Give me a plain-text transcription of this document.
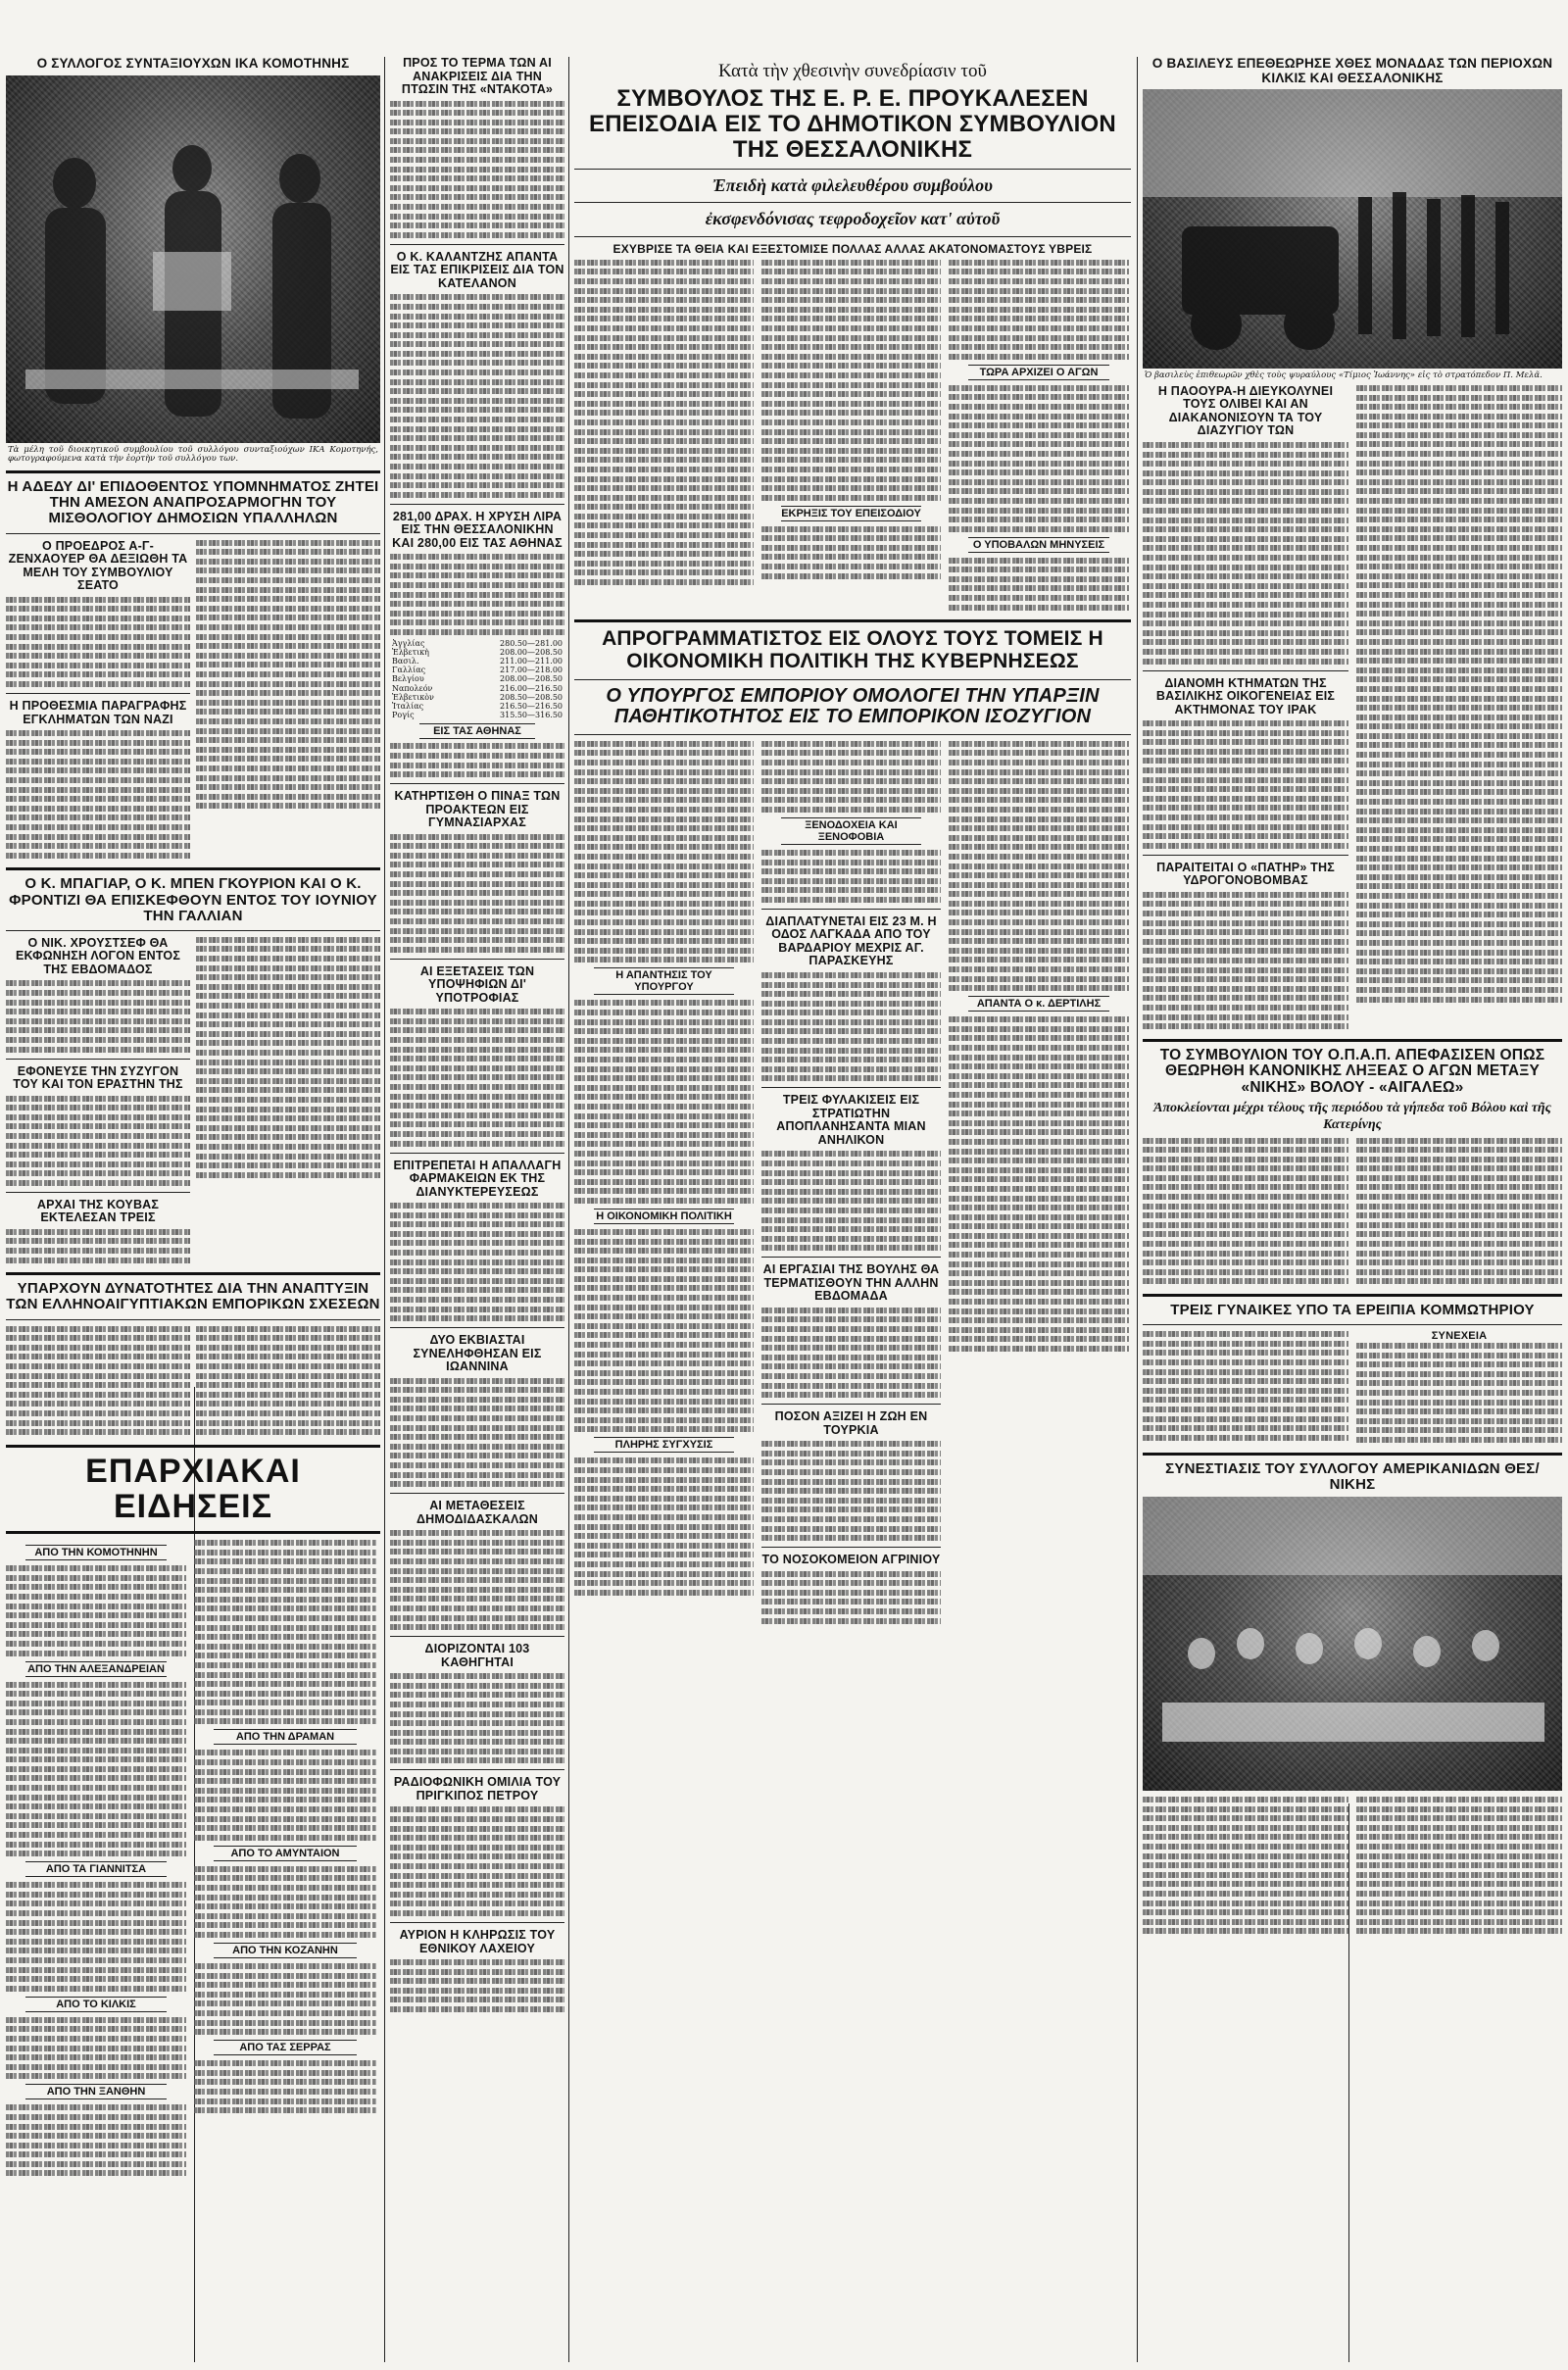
Ο ΣΥΛΛΟΓΟΣ ΣΥΝΤΑΞΙΟΥΧΩΝ ΙΚΑ ΚΟΜΟΤΗΝΗΣ
Τὰ μέλη τοῦ διοικητικοῦ συμβουλίου τοῦ συλλόγου συνταξιούχων ΙΚΑ Κομοτηνής, φωτογραφούμενα κατὰ τὴν ἑορτὴν τοῦ συλλόγου των.
Η ΑΔΕΔΥ ΔΙ' ΕΠΙΔΟΘΕΝΤΟΣ ΥΠΟΜΝΗΜΑΤΟΣ ΖΗΤΕΙ ΤΗΝ ΑΜΕΣΟΝ ΑΝΑΠΡΟΣΑΡΜΟΓΗΝ ΤΟΥ ΜΙΣΘΟΛΟΓΙΟΥ ΔΗΜΟΣΙΩΝ ΥΠΑΛΛΗΛΩΝ
Ο ΠΡΟΕΔΡΟΣ Α-Γ-ΖΕΝΧΑΟΥΕΡ ΘΑ ΔΕΞΙΩΘΗ ΤΑ ΜΕΛΗ ΤΟΥ ΣΥΜΒΟΥΛΙΟΥ ΣΕΑΤΟ
Η ΠΡΟΘΕΣΜΙΑ ΠΑΡΑΓΡΑΦΗΣ ΕΓΚΛΗΜΑΤΩΝ ΤΩΝ ΝΑΖΙ
Ο Κ. ΜΠΑΓΙΑΡ, Ο Κ. ΜΠΕΝ ΓΚΟΥΡΙΟΝ ΚΑΙ Ο Κ. ΦΡΟΝΤΙΖΙ ΘΑ ΕΠΙΣΚΕΦΘΟΥΝ ΕΝΤΟΣ ΤΟΥ ΙΟΥΝΙΟΥ ΤΗΝ ΓΑΛΛΙΑΝ
Ο ΝΙΚ. ΧΡΟΥΣΤΣΕΦ ΘΑ ΕΚΦΩΝΗΣΗ ΛΟΓΟΝ ΕΝΤΟΣ ΤΗΣ ΕΒΔΟΜΑΔΟΣ
ΕΦΟΝΕΥΣΕ ΤΗΝ ΣΥΖΥΓΟΝ ΤΟΥ ΚΑΙ ΤΟΝ ΕΡΑΣΤΗΝ ΤΗΣ
ΑΡΧΑΙ ΤΗΣ ΚΟΥΒΑΣ ΕΚΤΕΛΕΣΑΝ ΤΡΕΙΣ
ΥΠΑΡΧΟΥΝ ΔΥΝΑΤΟΤΗΤΕΣ ΔΙΑ ΤΗΝ ΑΝΑΠΤΥΞΙΝ ΤΩΝ ΕΛΛΗΝΟΑΙΓΥΠΤΙΑΚΩΝ ΕΜΠΟΡΙΚΩΝ ΣΧΕΣΕΩΝ
ΕΠΑΡΧΙΑΚΑΙ ΕΙΔΗΣΕΙΣ
ΑΠΟ ΤΗΝ ΚΟΜΟΤΗΝΗΝ
ΑΠΟ ΤΗΝ ΑΛΕΞΑΝΔΡΕΙΑΝ
ΑΠΟ ΤΑ ΓΙΑΝΝΙΤΣΑ
ΑΠΟ ΤΟ ΚΙΛΚΙΣ
ΑΠΟ ΤΗΝ ΞΑΝΘΗΝ
ΑΠΟ ΤΗΝ ΔΡΑΜΑΝ
ΑΠΟ ΤΟ ΑΜΥΝΤΑΙΟΝ
ΑΠΟ ΤΗΝ ΚΟΖΑΝΗΝ
ΑΠΟ ΤΑΣ ΣΕΡΡΑΣ
ΠΡΟΣ ΤΟ ΤΕΡΜΑ ΤΩΝ ΑΙ ΑΝΑΚΡΙΣΕΙΣ ΔΙΑ ΤΗΝ ΠΤΩΣΙΝ ΤΗΣ «ΝΤΑΚΟΤΑ»
Ο Κ. ΚΑΛΑΝΤΖΗΣ ΑΠΑΝΤΑ ΕΙΣ ΤΑΣ ΕΠΙΚΡΙΣΕΙΣ ΔΙΑ ΤΟΝ ΚΑΤΕΛΑΝΟΝ
281,00 ΔΡΑΧ. Η ΧΡΥΣΗ ΛΙΡΑ ΕΙΣ ΤΗΝ ΘΕΣΣΑΛΟΝΙΚΗΝ ΚΑΙ 280,00 ΕΙΣ ΤΑΣ ΑΘΗΝΑΣ
Ἀγγλίας	280.50—281.00
Ἑλβετικὴ	208.00—208.50
Βασιλ.	211.00—211.00
Γαλλίας	217.00—218.00
Βελγίου	208.00—208.50
Ναπολεόν	216.00—216.50
Ἐλβετικὸν	208.50—208.50
Ἰταλίας	216.50—216.50
Ρογίς	315.50—316.50
ΕΙΣ ΤΑΣ ΑΘΗΝΑΣ
ΚΑΤΗΡΤΙΣΘΗ Ο ΠΙΝΑΞ ΤΩΝ ΠΡΟΑΚΤΕΩΝ ΕΙΣ ΓΥΜΝΑΣΙΑΡΧΑΣ
ΑΙ ΕΞΕΤΑΣΕΙΣ ΤΩΝ ΥΠΟΨΗΦΙΩΝ ΔΙ' ΥΠΟΤΡΟΦΙΑΣ
ΕΠΙΤΡΕΠΕΤΑΙ Η ΑΠΑΛΛΑΓΗ ΦΑΡΜΑΚΕΙΩΝ ΕΚ ΤΗΣ ΔΙΑΝΥΚΤΕΡΕΥΣΕΩΣ
ΔΥΟ ΕΚΒΙΑΣΤΑΙ ΣΥΝΕΛΗΦΘΗΣΑΝ ΕΙΣ ΙΩΑΝΝΙΝΑ
ΑΙ ΜΕΤΑΘΕΣΕΙΣ ΔΗΜΟΔΙΔΑΣΚΑΛΩΝ
ΔΙΟΡΙΖΟΝΤΑΙ 103 ΚΑΘΗΓΗΤΑΙ
ΡΑΔΙΟΦΩΝΙΚΗ ΟΜΙΛΙΑ ΤΟΥ ΠΡΙΓΚΙΠΟΣ ΠΕΤΡΟΥ
ΑΥΡΙΟΝ Η ΚΛΗΡΩΣΙΣ ΤΟΥ ΕΘΝΙΚΟΥ ΛΑΧΕΙΟΥ
Κατὰ τὴν χθεσινὴν συνεδρίασιν τοῦ
ΣΥΜΒΟΥΛΟΣ ΤΗΣ Ε. Ρ. Ε. ΠΡΟΥΚΑΛΕΣΕΝ ΕΠΕΙΣΟΔΙΑ ΕΙΣ ΤΟ ΔΗΜΟΤΙΚΟΝ ΣΥΜΒΟΥΛΙΟΝ ΤΗΣ ΘΕΣΣΑΛΟΝΙΚΗΣ
Ἐπειδὴ κατὰ φιλελευθέρου συμβούλου
ἐκσφενδόνισας τεφροδοχεῖον κατ' αὐτοῦ
ΕΧΥΒΡΙΣΕ ΤΑ ΘΕΙΑ ΚΑΙ ΕΞΕΣΤΟΜΙΣΕ ΠΟΛΛΑΣ ΑΛΛΑΣ ΑΚΑΤΟΝΟΜΑΣΤΟΥΣ ΥΒΡΕΙΣ
ΕΚΡΗΞΙΣ ΤΟΥ ΕΠΕΙΣΟΔΙΟΥ
ΤΩΡΑ ΑΡΧΙΖΕΙ Ο ΑΓΩΝ
Ο ΥΠΟΒΑΛΩΝ ΜΗΝΥΣΕΙΣ
ΑΠΡΟΓΡΑΜΜΑΤΙΣΤΟΣ ΕΙΣ ΟΛΟΥΣ ΤΟΥΣ ΤΟΜΕΙΣ Η ΟΙΚΟΝΟΜΙΚΗ ΠΟΛΙΤΙΚΗ ΤΗΣ ΚΥΒΕΡΝΗΣΕΩΣ
Ο ΥΠΟΥΡΓΟΣ ΕΜΠΟΡΙΟΥ ΟΜΟΛΟΓΕΙ ΤΗΝ ΥΠΑΡΞΙΝ ΠΑΘΗΤΙΚΟΤΗΤΟΣ ΕΙΣ ΤΟ ΕΜΠΟΡΙΚΟΝ ΙΣΟΖΥΓΙΟΝ
Η ΑΠΑΝΤΗΣΙΣ ΤΟΥ ΥΠΟΥΡΓΟΥ
Η ΟΙΚΟΝΟΜΙΚΗ ΠΟΛΙΤΙΚΗ
ΠΛΗΡΗΣ ΣΥΓΧΥΣΙΣ
ΞΕΝΟΔΟΧΕΙΑ ΚΑΙ ΞΕΝΟΦΟΒΙΑ
ΔΙΑΠΛΑΤΥΝΕΤΑΙ ΕΙΣ 23 Μ. Η ΟΔΟΣ ΛΑΓΚΑΔΑ ΑΠΟ ΤΟΥ ΒΑΡΔΑΡΙΟΥ ΜΕΧΡΙΣ ΑΓ. ΠΑΡΑΣΚΕΥΗΣ
ΤΡΕΙΣ ΦΥΛΑΚΙΣΕΙΣ ΕΙΣ ΣΤΡΑΤΙΩΤΗΝ ΑΠΟΠΛΑΝΗΣΑΝΤΑ ΜΙΑΝ ΑΝΗΛΙΚΟΝ
ΑΙ ΕΡΓΑΣΙΑΙ ΤΗΣ ΒΟΥΛΗΣ ΘΑ ΤΕΡΜΑΤΙΣΘΟΥΝ ΤΗΝ ΑΛΛΗΝ ΕΒΔΟΜΑΔΑ
ΠΟΣΟΝ ΑΞΙΖΕΙ Η ΖΩΗ ΕΝ ΤΟΥΡΚΙΑ
ΤΟ ΝΟΣΟΚΟΜΕΙΟΝ ΑΓΡΙΝΙΟΥ
ΑΠΑΝΤΑ Ο κ. ΔΕΡΤΙΛΗΣ
Ο ΒΑΣΙΛΕΥΣ ΕΠΕΘΕΩΡΗΣΕ ΧΘΕΣ ΜΟΝΑΔΑΣ ΤΩΝ ΠΕΡΙΟΧΩΝ ΚΙΛΚΙΣ ΚΑΙ ΘΕΣΣΑΛΟΝΙΚΗΣ
Ὁ βασιλεὺς ἐπιθεωρῶν χθὲς τοὺς ψυραύλους «Τίμιος Ἰωάννης» εἰς τὸ στρατόπεδον Π. Μελᾶ.
Η ΠΑΟΟΥΡΑ-Η ΔΙΕΥΚΟΛΥΝΕΙ ΤΟΥΣ ΟΛΙΒΕΙ ΚΑΙ ΑΝ ΔΙΑΚΑΝΟΝΙΣΟΥΝ ΤΑ ΤΟΥ ΔΙΑΖΥΓΙΟΥ ΤΩΝ
ΔΙΑΝΟΜΗ ΚΤΗΜΑΤΩΝ ΤΗΣ ΒΑΣΙΛΙΚΗΣ ΟΙΚΟΓΕΝΕΙΑΣ ΕΙΣ ΑΚΤΗΜΟΝΑΣ ΤΟΥ ΙΡΑΚ
ΠΑΡΑΙΤΕΙΤΑΙ Ο «ΠΑΤΗΡ» ΤΗΣ ΥΔΡΟΓΟΝΟΒΟΜΒΑΣ
ΤΟ ΣΥΜΒΟΥΛΙΟΝ ΤΟΥ Ο.Π.Α.Π. ΑΠΕΦΑΣΙΣΕΝ ΟΠΩΣ ΘΕΩΡΗΘΗ ΚΑΝΟΝΙΚΗΣ ΛΗΞΕΑΣ Ο ΑΓΩΝ ΜΕΤΑΞΥ «ΝΙΚΗΣ» ΒΟΛΟΥ - «ΑΙΓΑΛΕΩ»
Ἀποκλείονται μέχρι τέλους τῆς περιόδου τὰ γήπεδα τοῦ Βόλου καὶ τῆς Κατερίνης
ΤΡΕΙΣ ΓΥΝΑΙΚΕΣ ΥΠΟ ΤΑ ΕΡΕΙΠΙΑ ΚΟΜΜΩΤΗΡΙΟΥ
ΣΥΝΕΧΕΙΑ
ΣΥΝΕΣΤΙΑΣΙΣ ΤΟΥ ΣΥΛΛΟΓΟΥ ΑΜΕΡΙΚΑΝΙΔΩΝ ΘΕΣ/ΝΙΚΗΣ
